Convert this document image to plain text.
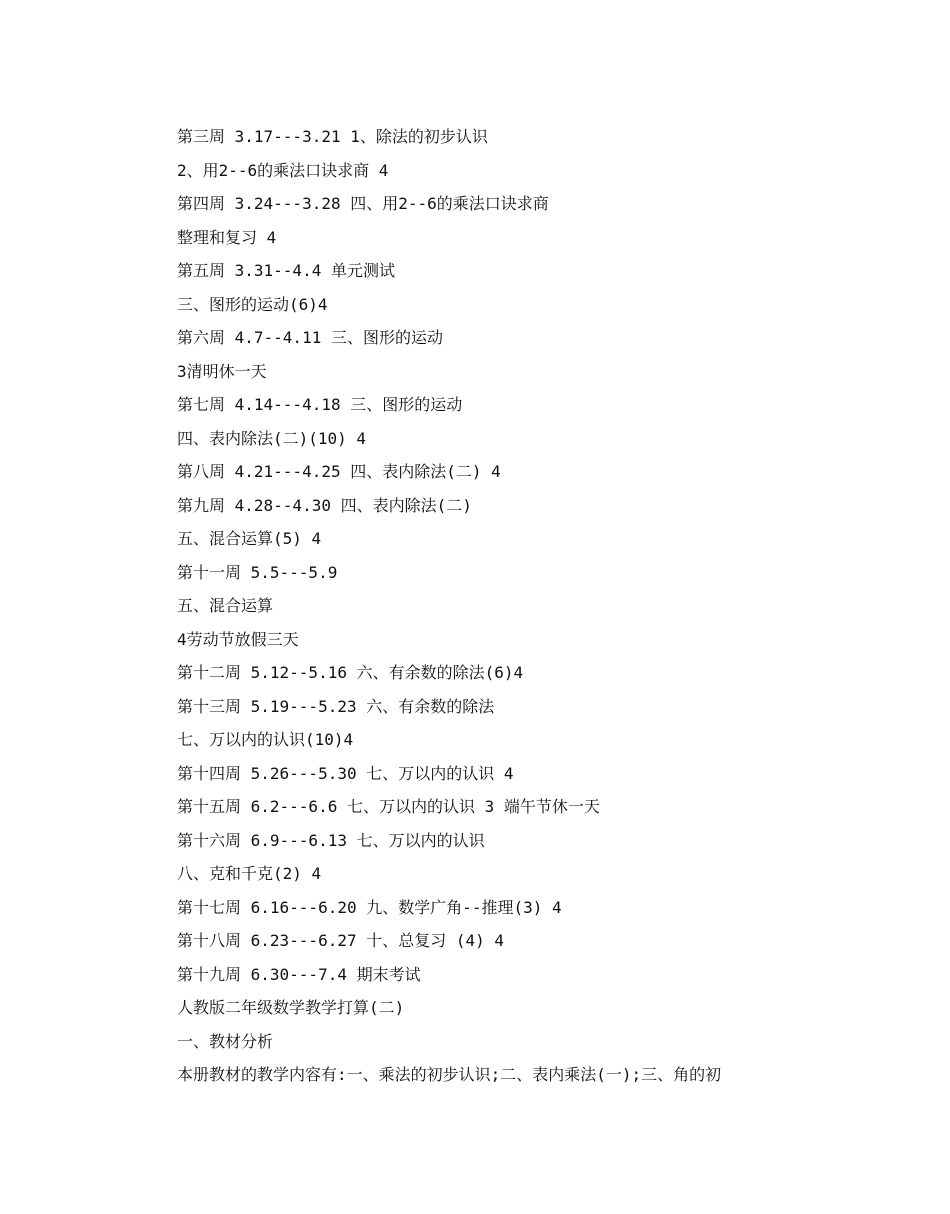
第三周 3.17---3.21 1、除法的初步认识
2、用2--6的乘法口诀求商 4
第四周 3.24---3.28 四、用2--6的乘法口诀求商
整理和复习 4
第五周 3.31--4.4 单元测试
三、图形的运动(6)4
第六周 4.7--4.11 三、图形的运动
3清明休一天
第七周 4.14---4.18 三、图形的运动
四、表内除法(二)(10) 4
第八周 4.21---4.25 四、表内除法(二) 4
第九周 4.28--4.30 四、表内除法(二)
五、混合运算(5) 4
第十一周 5.5---5.9
五、混合运算
4劳动节放假三天
第十二周 5.12--5.16 六、有余数的除法(6)4
第十三周 5.19---5.23 六、有余数的除法
七、万以内的认识(10)4
第十四周 5.26---5.30 七、万以内的认识 4
第十五周 6.2---6.6 七、万以内的认识 3 端午节休一天
第十六周 6.9---6.13 七、万以内的认识
八、克和千克(2) 4
第十七周 6.16---6.20 九、数学广角--推理(3) 4
第十八周 6.23---6.27 十、总复习 (4) 4
第十九周 6.30---7.4 期末考试
人教版二年级数学教学打算(二)
一、教材分析
本册教材的教学内容有:一、乘法的初步认识;二、表内乘法(一);三、角的初
